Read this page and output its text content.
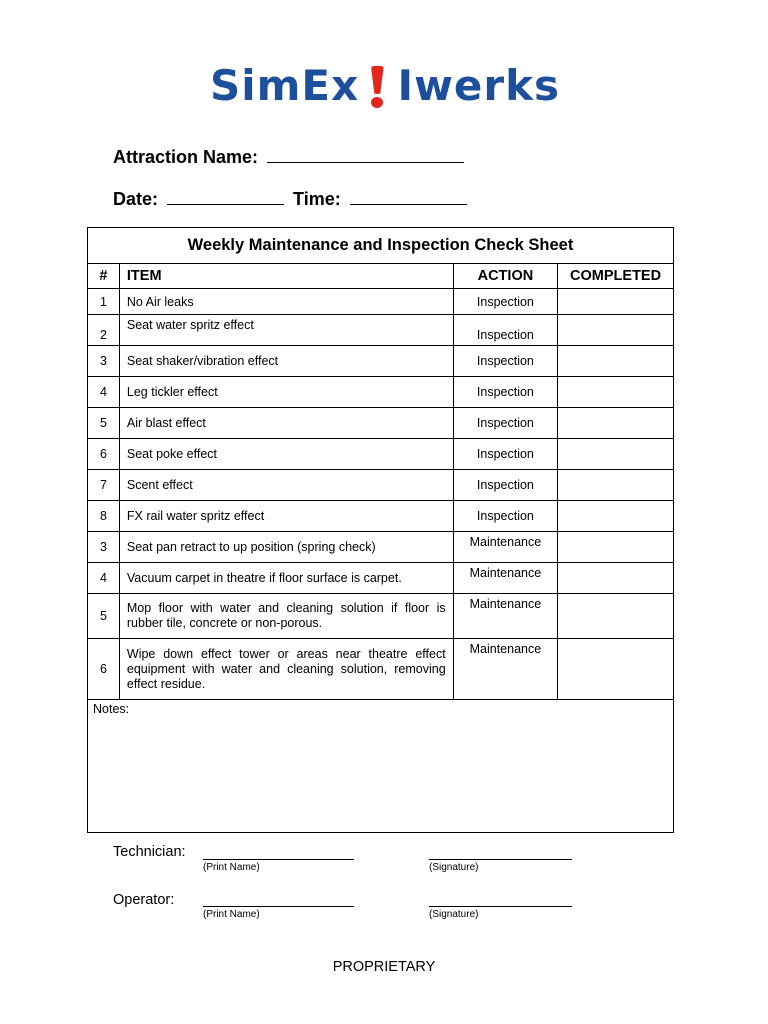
SimEx Iwerks
Attraction Name:
Date:	Time:
Weekly Maintenance and Inspection Check Sheet			
#	ITEM	ACTION	COMPLETED
1	No Air leaks	Inspection	
2	Seat water spritz effect	Inspection	
3	Seat shaker/vibration effect	Inspection	
4	Leg tickler effect	Inspection	
5	Air blast effect	Inspection	
6	Seat poke effect	Inspection	
7	Scent effect	Inspection	
8	FX rail water spritz effect	Inspection	
3	Seat pan retract to up position (spring check)	Maintenance	
4	Vacuum carpet in theatre if floor surface is carpet.	Maintenance	
5	Mop floor with water and cleaning solution if floor is rubber tile, concrete or non-porous.	Maintenance	
6	Wipe down effect tower or areas near theatre effect equipment with water and cleaning solution, removing effect residue.	Maintenance	
Notes:			
Technician:
(Print Name)	(Signature)
Operator:
(Print Name)	(Signature)
PROPRIETARY
